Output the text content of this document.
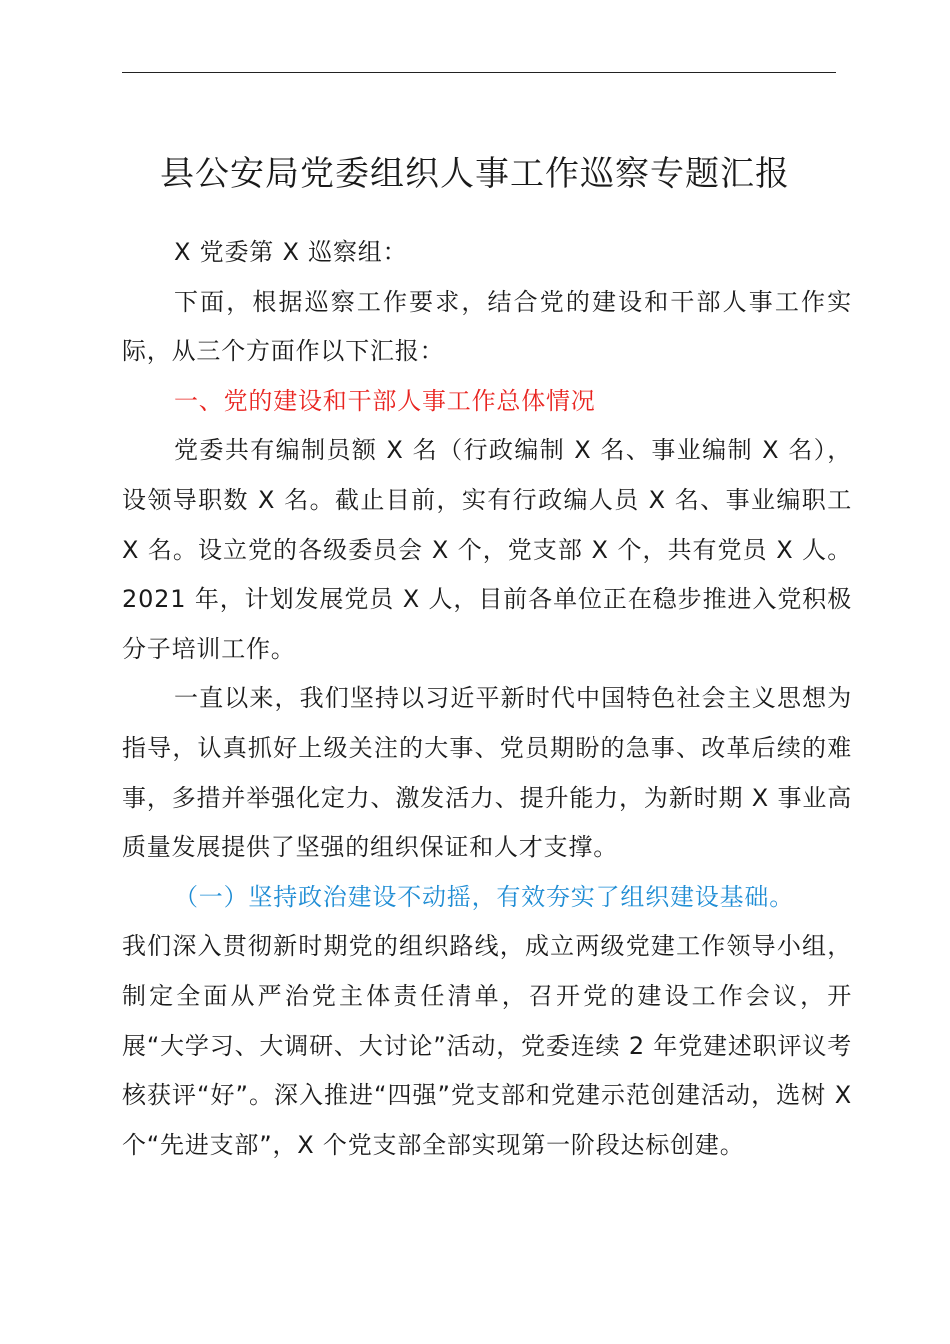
县公安局党委组织人事工作巡察专题汇报

X 党委第 X 巡察组：

下面，根据巡察工作要求，结合党的建设和干部人事工作实际，从三个方面作以下汇报：

一、党的建设和干部人事工作总体情况

党委共有编制员额 X 名（行政编制 X 名、事业编制 X 名），设领导职数 X 名。截止目前，实有行政编人员 X 名、事业编职工 X 名。设立党的各级委员会 X 个，党支部 X 个，共有党员 X 人。2021 年，计划发展党员 X 人，目前各单位正在稳步推进入党积极分子培训工作。

一直以来，我们坚持以习近平新时代中国特色社会主义思想为指导，认真抓好上级关注的大事、党员期盼的急事、改革后续的难事，多措并举强化定力、激发活力、提升能力，为新时期 X 事业高质量发展提供了坚强的组织保证和人才支撑。

（一）坚持政治建设不动摇，有效夯实了组织建设基础。

我们深入贯彻新时期党的组织路线，成立两级党建工作领导小组，制定全面从严治党主体责任清单，召开党的建设工作会议，开展“大学习、大调研、大讨论”活动，党委连续 2 年党建述职评议考核获评“好”。深入推进“四强”党支部和党建示范创建活动，选树 X 个“先进支部”，X 个党支部全部实现第一阶段达标创建。
